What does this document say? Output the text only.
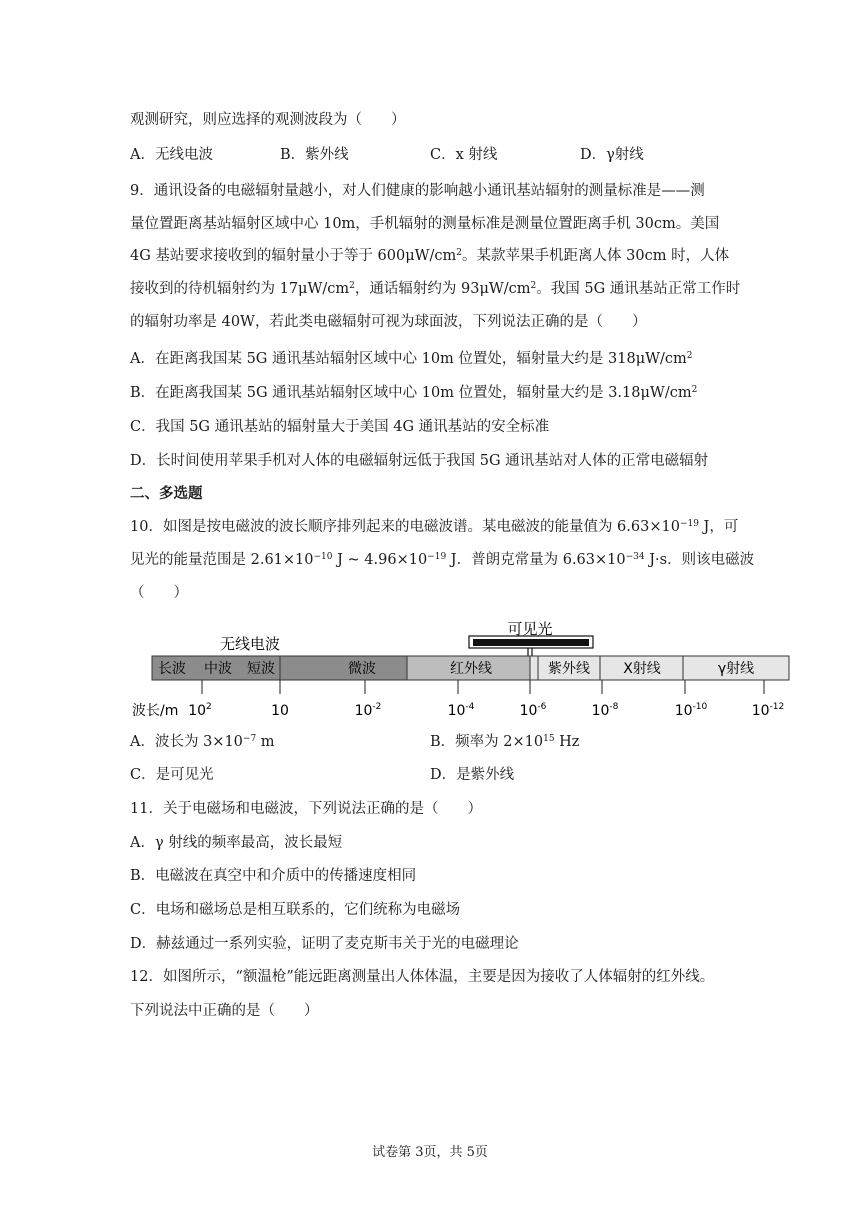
观测研究，则应选择的观测波段为（　　）
A．无线电波	B．紫外线	C．x 射线	D．γ射线
9．通讯设备的电磁辐射量越小，对人们健康的影响越小通讯基站辐射的测量标准是——测
量位置距离基站辐射区域中心 10m，手机辐射的测量标准是测量位置距离手机 30cm。美国
4G 基站要求接收到的辐射量小于等于 $600\mu W/cm^2$。某款苹果手机距离人体 30cm 时，人体
接收到的待机辐射约为 $17\mu W/cm^2$，通话辐射约为 $93\mu W/cm^2$。我国 5G 通讯基站正常工作时
的辐射功率是 40W，若此类电磁辐射可视为球面波，下列说法正确的是（　　）
A．在距离我国某 5G 通讯基站辐射区域中心 10m 位置处，辐射量大约是 $318\mu W/cm^2$
B．在距离我国某 5G 通讯基站辐射区域中心 10m 位置处，辐射量大约是 $3.18\mu W/cm^2$
C．我国 5G 通讯基站的辐射量大于美国 4G 通讯基站的安全标准
D．长时间使用苹果手机对人体的电磁辐射远低于我国 5G 通讯基站对人体的正常电磁辐射
二、多选题
10．如图是按电磁波的波长顺序排列起来的电磁波谱。某电磁波的能量值为 $6.63\times 10^{-19}$ J，可
见光的能量范围是 $2.61\times 10^{-10}$ J ~ $4.96\times 10^{-19}$ J．普朗克常量为 $6.63\times 10^{-34}$ J·s．则该电磁波
（　　）
可见光
无线电波
长波 中波 短波	微波	红外线	紫外线 X射线	γ射线
波长/m $10^2$	10	$10^{-2}$	$10^{-4}$	$10^{-6}$	$10^{-8}$	$10^{-10}$	$10^{-12}$
A．波长为 $3\times 10^{-7}$ m	B．频率为 $2\times 10^{15}$ Hz
C．是可见光	D．是紫外线
11．关于电磁场和电磁波，下列说法正确的是（　　）
A．γ 射线的频率最高，波长最短
B．电磁波在真空中和介质中的传播速度相同
C．电场和磁场总是相互联系的，它们统称为电磁场
D．赫兹通过一系列实验，证明了麦克斯韦关于光的电磁理论
12．如图所示，“额温枪”能远距离测量出人体体温，主要是因为接收了人体辐射的红外线。
下列说法中正确的是（　　）
试卷第 3页，共 5页
